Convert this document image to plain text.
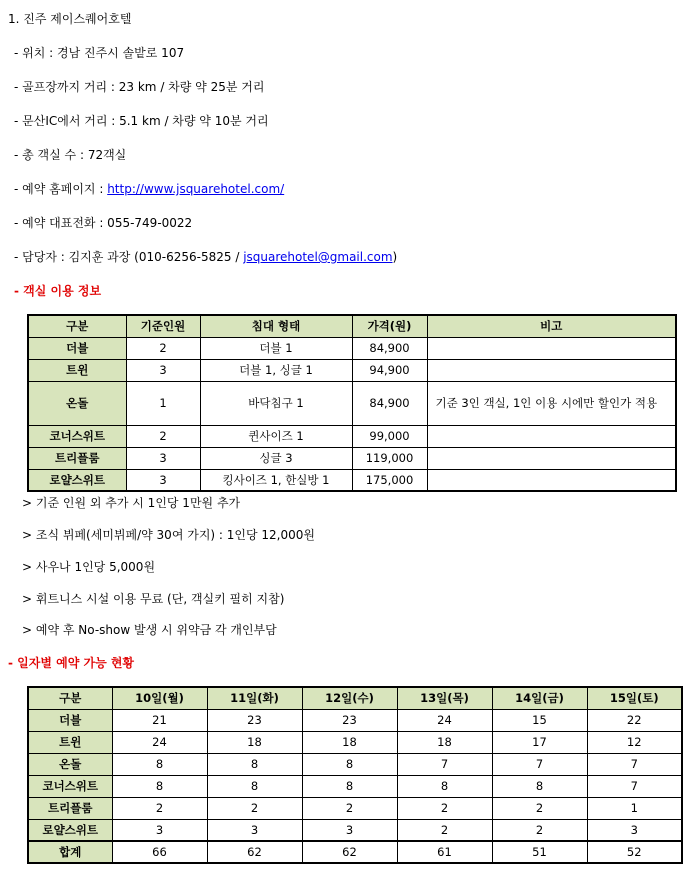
1. 진주 제이스퀘어호텔
- 위치 : 경남 진주시 솔밭로 107
- 골프장까지 거리 : 23 km / 차량 약 25분 거리
- 문산IC에서 거리 : 5.1 km / 차량 약 10분 거리
- 총 객실 수 : 72객실
- 예약 홈페이지 : http://www.jsquarehotel.com/
- 예약 대표전화 : 055-749-0022
- 담당자 : 김지훈 과장 (010-6256-5825 / jsquarehotel@gmail.com)
- 객실 이용 정보
구분	기준인원	침대 형태	가격(원)	비고
더블	2	더블 1	84,900	
트윈	3	더블 1, 싱글 1	94,900	
온돌	1	바닥침구 1	84,900	기준 3인 객실, 1인 이용 시에만 할인가 적용
코너스위트	2	퀸사이즈 1	99,000	
트리플룸	3	싱글 3	119,000	
로얄스위트	3	킹사이즈 1, 한실방 1	175,000	
> 기준 인원 외 추가 시 1인당 1만원 추가
> 조식 뷔페(세미뷔페/약 30여 가지) : 1인당 12,000원
> 사우나 1인당 5,000원
> 휘트니스 시설 이용 무료 (단, 객실키 필히 지참)
> 예약 후 No-show 발생 시 위약금 각 개인부담
- 일자별 예약 가능 현황
구분	10일(월)	11일(화)	12일(수)	13일(목)	14일(금)	15일(토)
더블	21	23	23	24	15	22
트윈	24	18	18	18	17	12
온돌	8	8	8	7	7	7
코너스위트	8	8	8	8	8	7
트리플룸	2	2	2	2	2	1
로얄스위트	3	3	3	2	2	3
합계	66	62	62	61	51	52
